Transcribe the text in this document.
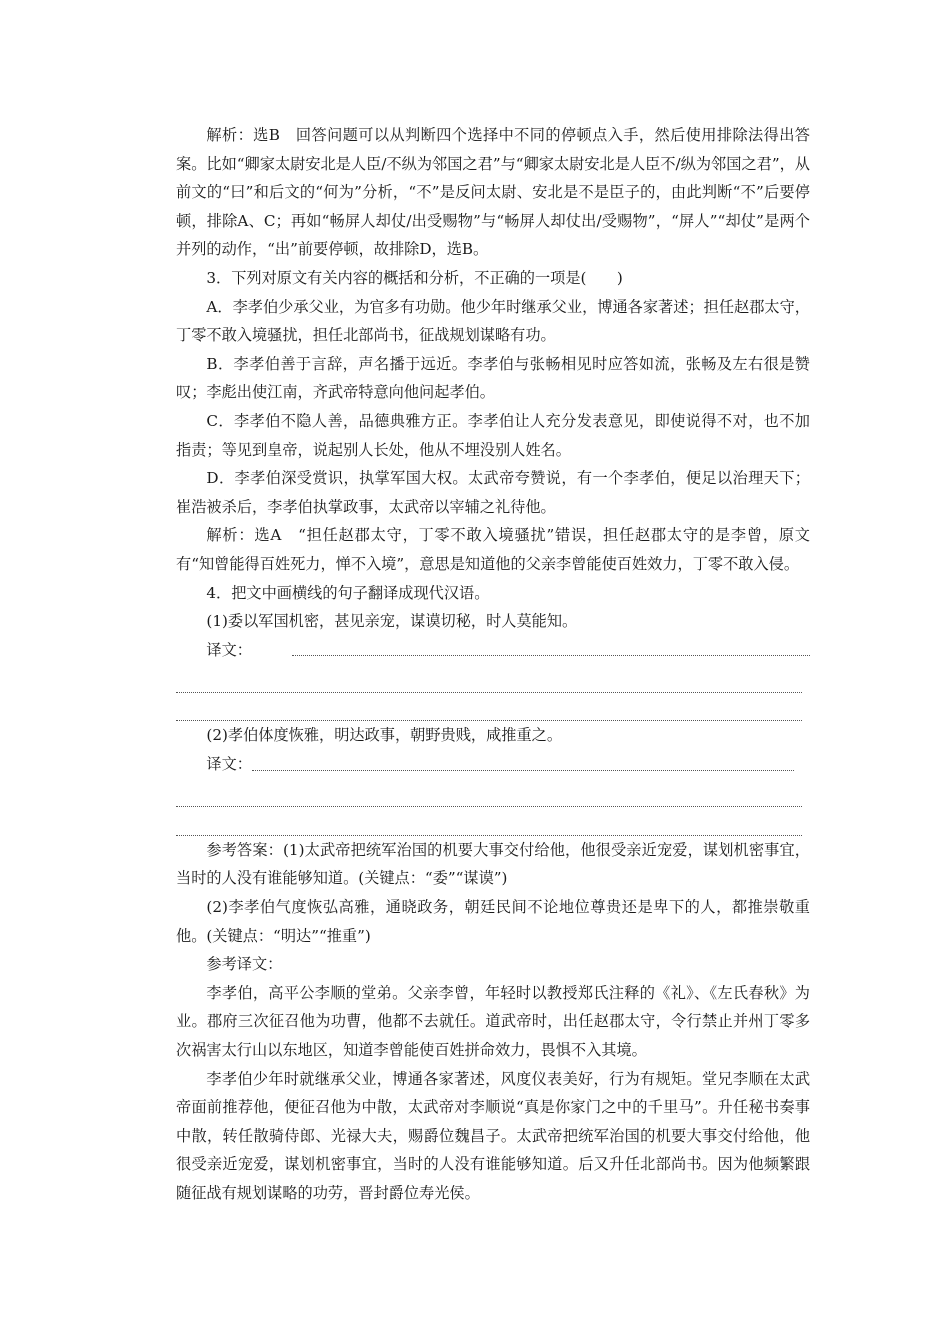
解析：选B　回答问题可以从判断四个选择中不同的停顿点入手，然后使用排除法得出答案。比如“卿家太尉安北是人臣/不纵为邻国之君”与“卿家太尉安北是人臣不/纵为邻国之君”，从前文的“曰”和后文的“何为”分析，“不”是反问太尉、安北是不是臣子的，由此判断“不”后要停顿，排除A、C；再如“畅屏人却仗/出受赐物”与“畅屏人却仗出/受赐物”，“屏人”“却仗”是两个并列的动作，“出”前要停顿，故排除D，选B。

3．下列对原文有关内容的概括和分析，不正确的一项是(　　)

A．李孝伯少承父业，为官多有功勋。他少年时继承父业，博通各家著述；担任赵郡太守，丁零不敢入境骚扰，担任北部尚书，征战规划谋略有功。

B．李孝伯善于言辞，声名播于远近。李孝伯与张畅相见时应答如流，张畅及左右很是赞叹；李彪出使江南，齐武帝特意向他问起孝伯。

C．李孝伯不隐人善，品德典雅方正。李孝伯让人充分发表意见，即使说得不对，也不加指责；等见到皇帝，说起别人长处，他从不埋没别人姓名。

D．李孝伯深受赏识，执掌军国大权。太武帝夸赞说，有一个李孝伯，便足以治理天下；崔浩被杀后，李孝伯执掌政事，太武帝以宰辅之礼待他。

解析：选A　“担任赵郡太守，丁零不敢入境骚扰”错误，担任赵郡太守的是李曾，原文有“知曾能得百姓死力，惮不入境”，意思是知道他的父亲李曾能使百姓效力，丁零不敢入侵。

4．把文中画横线的句子翻译成现代汉语。

(1)委以军国机密，甚见亲宠，谋谟切秘，时人莫能知。

译文：

(2)孝伯体度恢雅，明达政事，朝野贵贱，咸推重之。

译文：

参考答案：(1)太武帝把统军治国的机要大事交付给他，他很受亲近宠爱，谋划机密事宜，当时的人没有谁能够知道。(关键点：“委”“谋谟”)

(2)李孝伯气度恢弘高雅，通晓政务，朝廷民间不论地位尊贵还是卑下的人，都推崇敬重他。(关键点：“明达”“推重”)

参考译文：

李孝伯，高平公李顺的堂弟。父亲李曾，年轻时以教授郑氏注释的《礼》、《左氏春秋》为业。郡府三次征召他为功曹，他都不去就任。道武帝时，出任赵郡太守，令行禁止并州丁零多次祸害太行山以东地区，知道李曾能使百姓拼命效力，畏惧不入其境。

李孝伯少年时就继承父业，博通各家著述，风度仪表美好，行为有规矩。堂兄李顺在太武帝面前推荐他，便征召他为中散，太武帝对李顺说“真是你家门之中的千里马”。升任秘书奏事中散，转任散骑侍郎、光禄大夫，赐爵位魏昌子。太武帝把统军治国的机要大事交付给他，他很受亲近宠爱，谋划机密事宜，当时的人没有谁能够知道。后又升任北部尚书。因为他频繁跟随征战有规划谋略的功劳，晋封爵位寿光侯。
